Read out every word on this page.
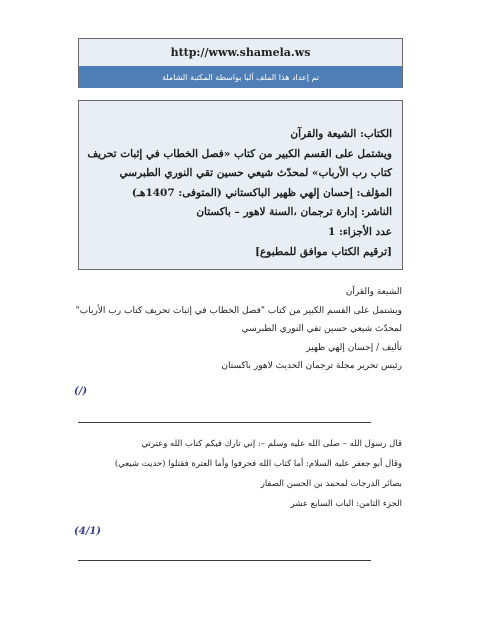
http://www.shamela.ws
تم إعداد هذا الملف آليا بواسطة المكتبة الشاملة
الكتاب: الشيعة والقرآن
ويشتمل على القسم الكبير من كتاب «فصل الخطاب في إثبات تحريف
كتاب رب الأرباب» لمحدّث شيعي حسين تقي النوري الطبرسي
المؤلف: إحسان إلهي ظهير الباكستاني (المتوفى: 1407هـ)
الناشر: إدارة ترجمان ،السنة لاهور – باكستان
عدد الأجزاء: 1
[ترقيم الكتاب موافق للمطبوع]
الشيعة والقرآن
ويشتمل على القسم الكبير من كتاب "فصل الخطاب في إثبات تحريف كتاب رب الأرباب"
لمحدّث شيعي حسين تقي النوري الطبرسي
تأليف / إحسان إلهي ظهير
رئيس تحرير مجلة ترجمان الحديث لاهور باكستان
(/)
قال رسول الله – صلى الله عليه وسلم –: إني تارك فيكم كتاب الله وعترتي
وقال أبو جعفر عليه السلام: أما كتاب الله فحرفوا وأما العترة فقتلوا (حديث شيعي)
بصائر الدرجات لمحمد بن الحسن الصفار
الجزء الثامن: الباب السابع عشر
(4/1)
